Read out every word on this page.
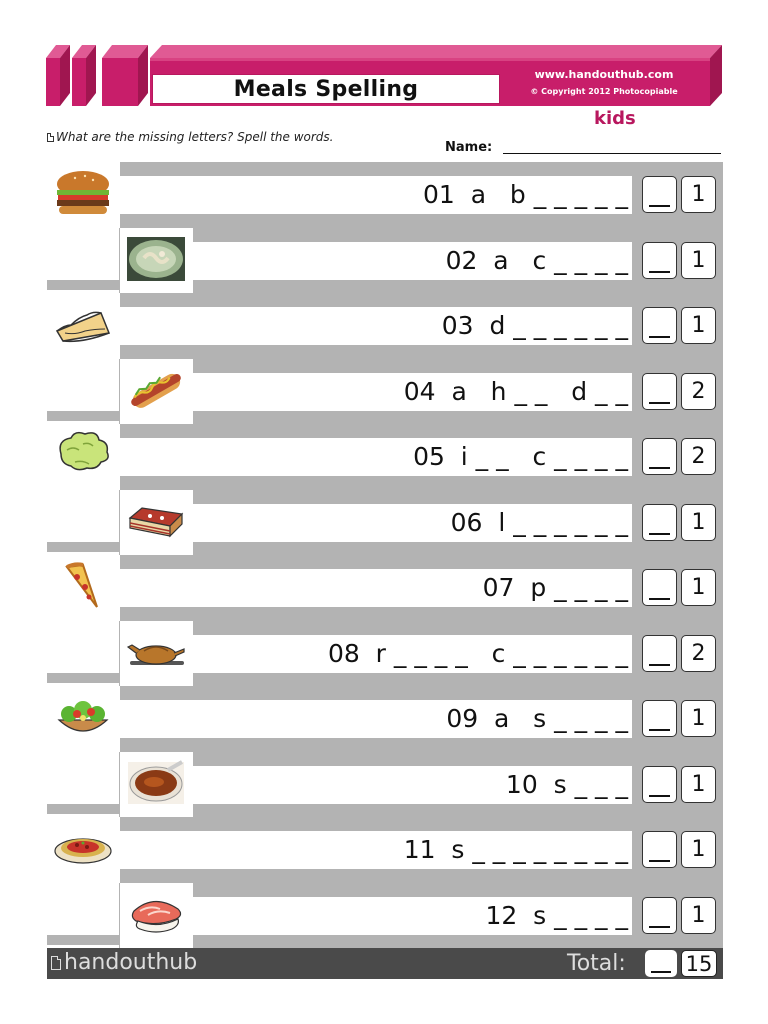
Meals Spelling
www.handouthub.com
© Copyright 2012 Photocopiable
kids
What are the missing letters? Spell the words.
Name:
01  a   b _ _ _ _ _	1
02  a   c _ _ _ _	1
03  d _ _ _ _ _ _	1
04  a   h _ _   d _ _	2
05  i _ _   c _ _ _ _	2
06  l _ _ _ _ _ _	1
07  p _ _ _ _	1
08  r _ _ _ _   c _ _ _ _ _ _	2
09  a   s _ _ _ _	1
10  s _ _ _	1
11  s _ _ _ _ _ _ _ _	1
12  s _ _ _ _	1
handouthub	Total:	15
